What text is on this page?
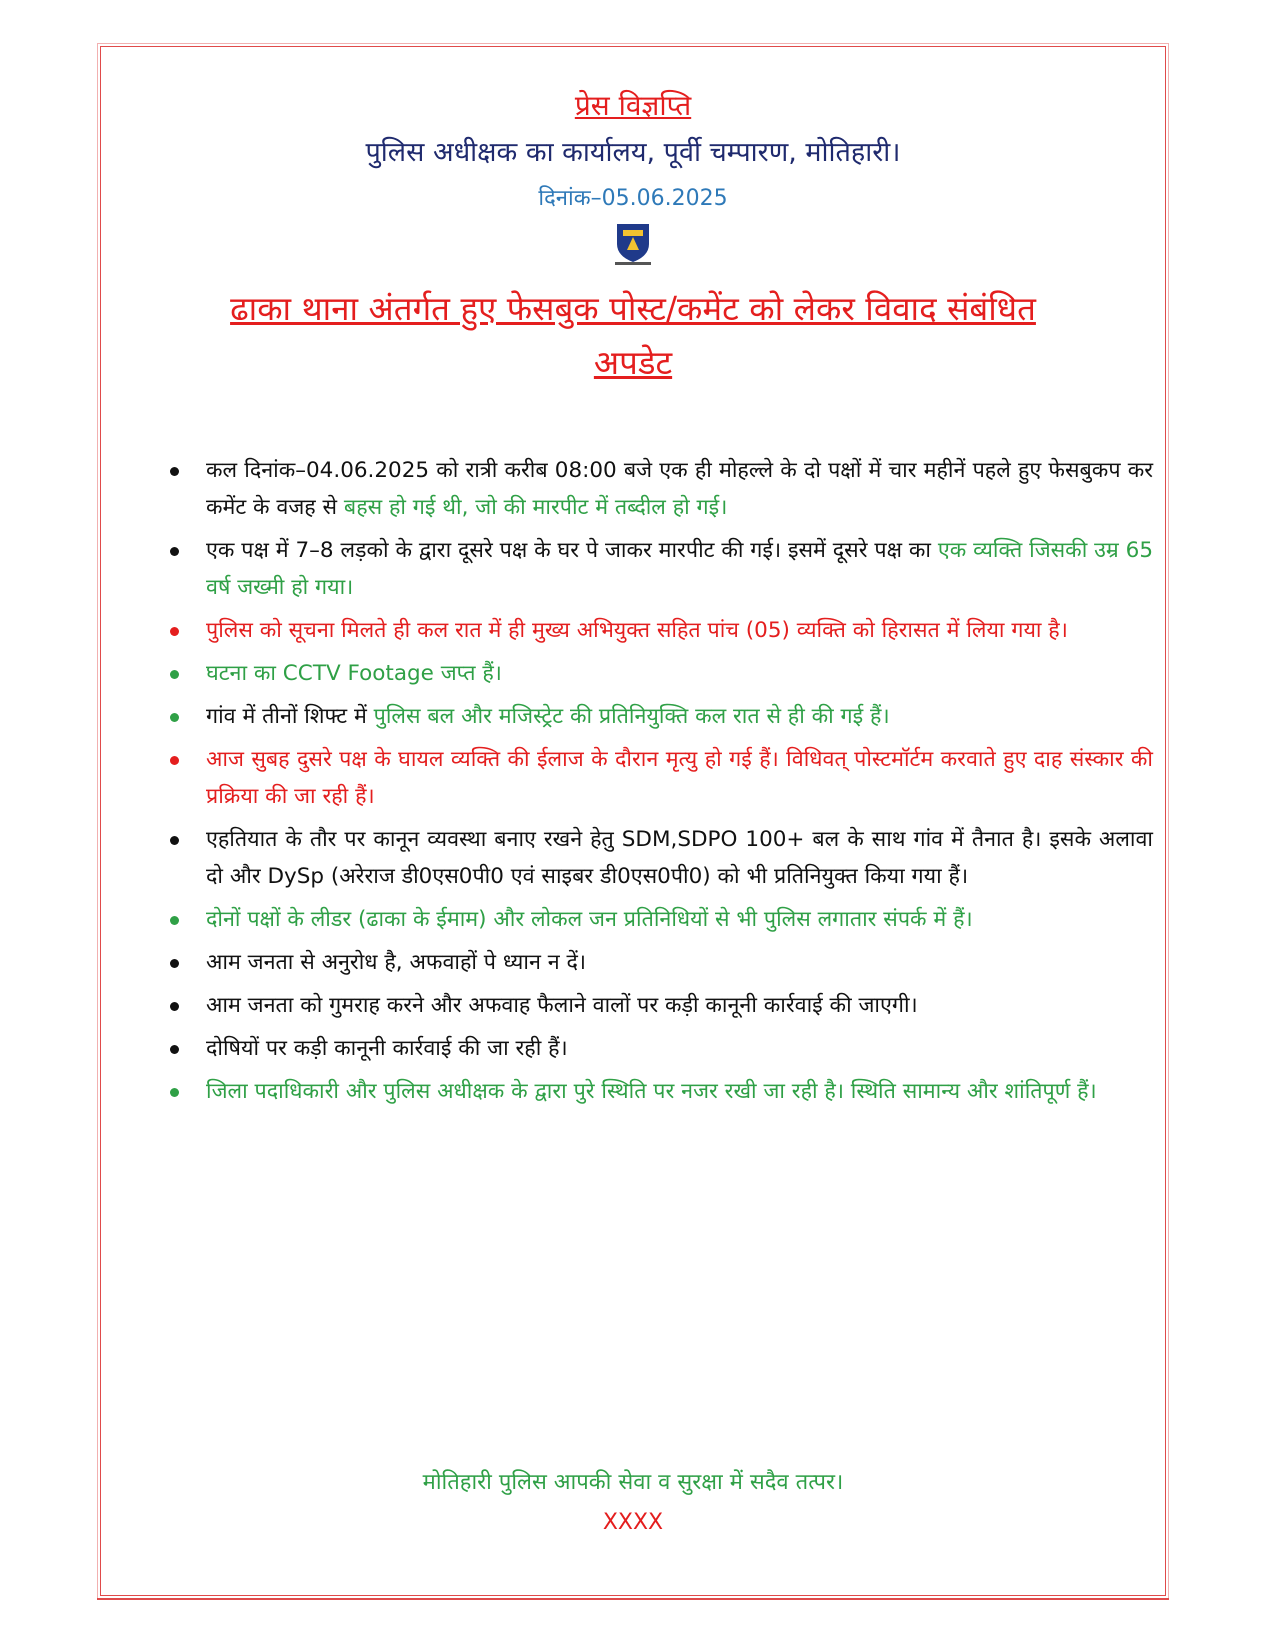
प्रेस विज्ञप्ति
पुलिस अधीक्षक का कार्यालय, पूर्वी चम्पारण, मोतिहारी।
दिनांक–05.06.2025
ढाका थाना अंतर्गत हुए फेसबुक पोस्ट/कमेंट को लेकर विवाद संबंधित
अपडेट
कल दिनांक–04.06.2025 को रात्री करीब 08:00 बजे एक ही मोहल्ले के दो पक्षों में चार महीनें पहले हुए फेसबुकप कर कमेंट के वजह से बहस हो गई थी, जो की मारपीट में तब्दील हो गई।
एक पक्ष में 7–8 लड़को के द्वारा दूसरे पक्ष के घर पे जाकर मारपीट की गई। इसमें दूसरे पक्ष का एक व्यक्ति जिसकी उम्र 65 वर्ष जख्मी हो गया।
पुलिस को सूचना मिलते ही कल रात में ही मुख्य अभियुक्त सहित पांच (05) व्यक्ति को हिरासत में लिया गया है।
घटना का CCTV Footage जप्त हैं।
गांव में तीनों शिफ्ट में पुलिस बल और मजिस्ट्रेट की प्रतिनियुक्ति कल रात से ही की गई हैं।
आज सुबह दुसरे पक्ष के घायल व्यक्ति की ईलाज के दौरान मृत्यु हो गई हैं। विधिवत् पोस्टमॉर्टम करवाते हुए दाह संस्कार की प्रक्रिया की जा रही हैं।
एहतियात के तौर पर कानून व्यवस्था बनाए रखने हेतु SDM,SDPO 100+ बल के साथ गांव में तैनात है। इसके अलावा दो और DySp (अरेराज डी0एस0पी0 एवं साइबर डी0एस0पी0) को भी प्रतिनियुक्त किया गया हैं।
दोनों पक्षों के लीडर (ढाका के ईमाम) और लोकल जन प्रतिनिधियों से भी पुलिस लगातार संपर्क में हैं।
आम जनता से अनुरोध है, अफवाहों पे ध्यान न दें।
आम जनता को गुमराह करने और अफवाह फैलाने वालों पर कड़ी कानूनी कार्रवाई की जाएगी।
दोषियों पर कड़ी कानूनी कार्रवाई की जा रही हैं।
जिला पदाधिकारी और पुलिस अधीक्षक के द्वारा पुरे स्थिति पर नजर रखी जा रही है। स्थिति सामान्य और शांतिपूर्ण हैं।
मोतिहारी पुलिस आपकी सेवा व सुरक्षा में सदैव तत्पर।
XXXX
